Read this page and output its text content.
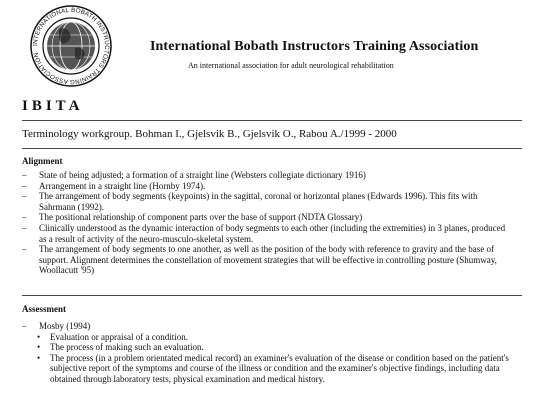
INTERNATIONAL BOBATH INSTRUCTORS TRAINING ASSOCIATION
International Bobath Instructors Training Association
An international association for adult neurological rehabilitation
IBITA
Terminology workgroup. Bohman I., Gjelsvik B., Gjelsvik O., Rabou A./1999 - 2000
Alignment
– State of being adjusted; a formation of a straight line (Websters collegiate dictionary 1916)
– Arrangement in a straight line (Hornby 1974).
– The arrangement of body segments (keypoints) in the sagittal, coronal or horizontal planes (Edwards 1996). This fits with Sahrmann (1992).
– The positional relationship of component parts over the base of support (NDTA Glossary)
– Clinically understood as the dynamic interaction of body segments to each other (including the extremities) in 3 planes, produced as a result of activity of the neuro-musculo-skeletal system.
– The arrangement of body segments to one another, as well as the position of the body with reference to gravity and the base of support. Alignment determines the constellation of movement strategies that will be effective in controlling posture (Shumway, Woollacutt '95)
Assessment
– Mosby (1994)
• Evaluation or appraisal of a condition.
• The process of making such an evaluation.
• The process (in a problem orientated medical record) an examiner's evaluation of the disease or condition based on the patient's subjective report of the symptoms and course of the illness or condition and the examiner's objective findings, including data obtained through laboratory tests, physical examination and medical history.
